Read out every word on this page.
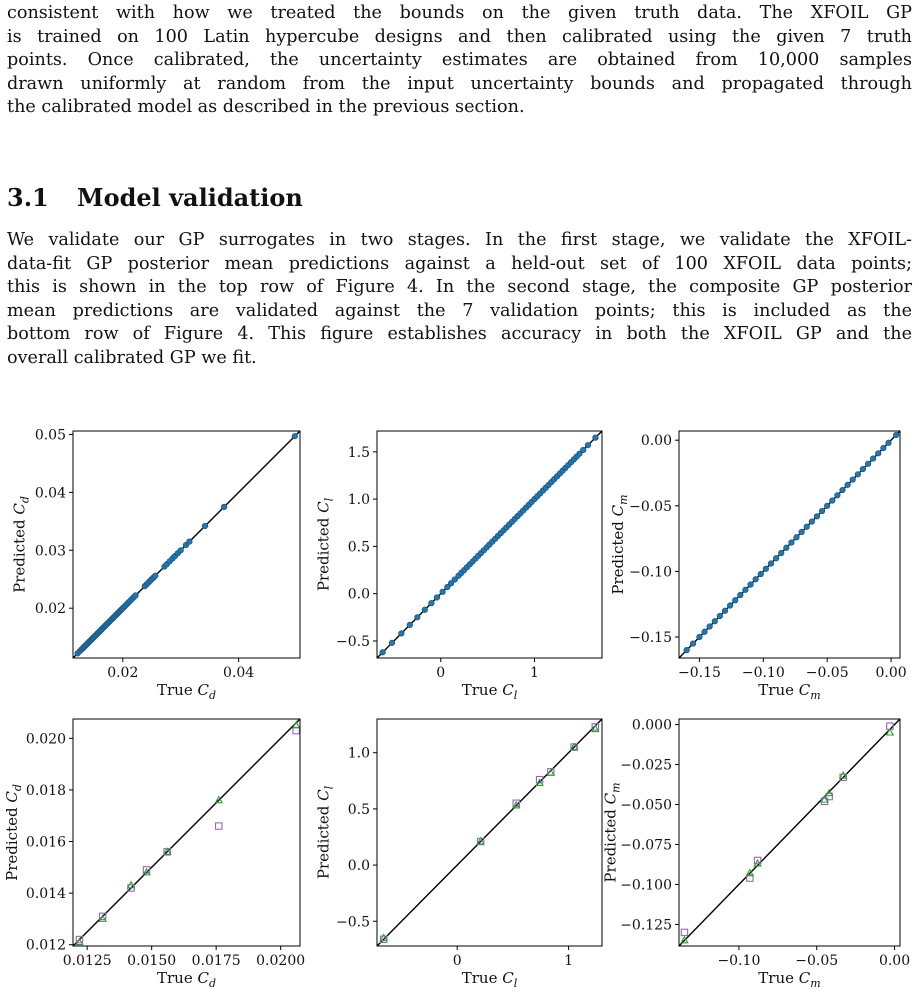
consistent with how we treated the bounds on the given truth data. The XFOIL GP
is trained on 100 Latin hypercube designs and then calibrated using the given 7 truth
points. Once calibrated, the uncertainty estimates are obtained from 10,000 samples
drawn uniformly at random from the input uncertainty bounds and propagated through
the calibrated model as described in the previous section.
3.1 Model validation
We validate our GP surrogates in two stages. In the first stage, we validate the XFOIL-
data-fit GP posterior mean predictions against a held-out set of 100 XFOIL data points;
this is shown in the top row of Figure 4. In the second stage, the composite GP posterior
mean predictions are validated against the 7 validation points; this is included as the
bottom row of Figure 4. This figure establishes accuracy in both the XFOIL GP and the
overall calibrated GP we fit.
0.02	0.04
0.02
0.03
0.04
0.05
True $C_d$
Predicted $C_d$
0	1
−0.5
0.0
0.5
1.0
1.5
True $C_l$
Predicted $C_l$
−0.15 −0.10 −0.05 0.00
−0.15
−0.10
−0.05
0.00
True $C_m$
Predicted $C_m$
0.0125 0.0150 0.0175 0.0200
0.012
0.014
0.016
0.018
0.020
True $C_d$
Predicted $C_d$
0	1
−0.5
0.0
0.5
1.0
True $C_l$
Predicted $C_l$
−0.10 −0.05	0.00
−0.125
−0.100
−0.075
−0.050
−0.025
0.000
True $C_m$
Predicted $C_m$
